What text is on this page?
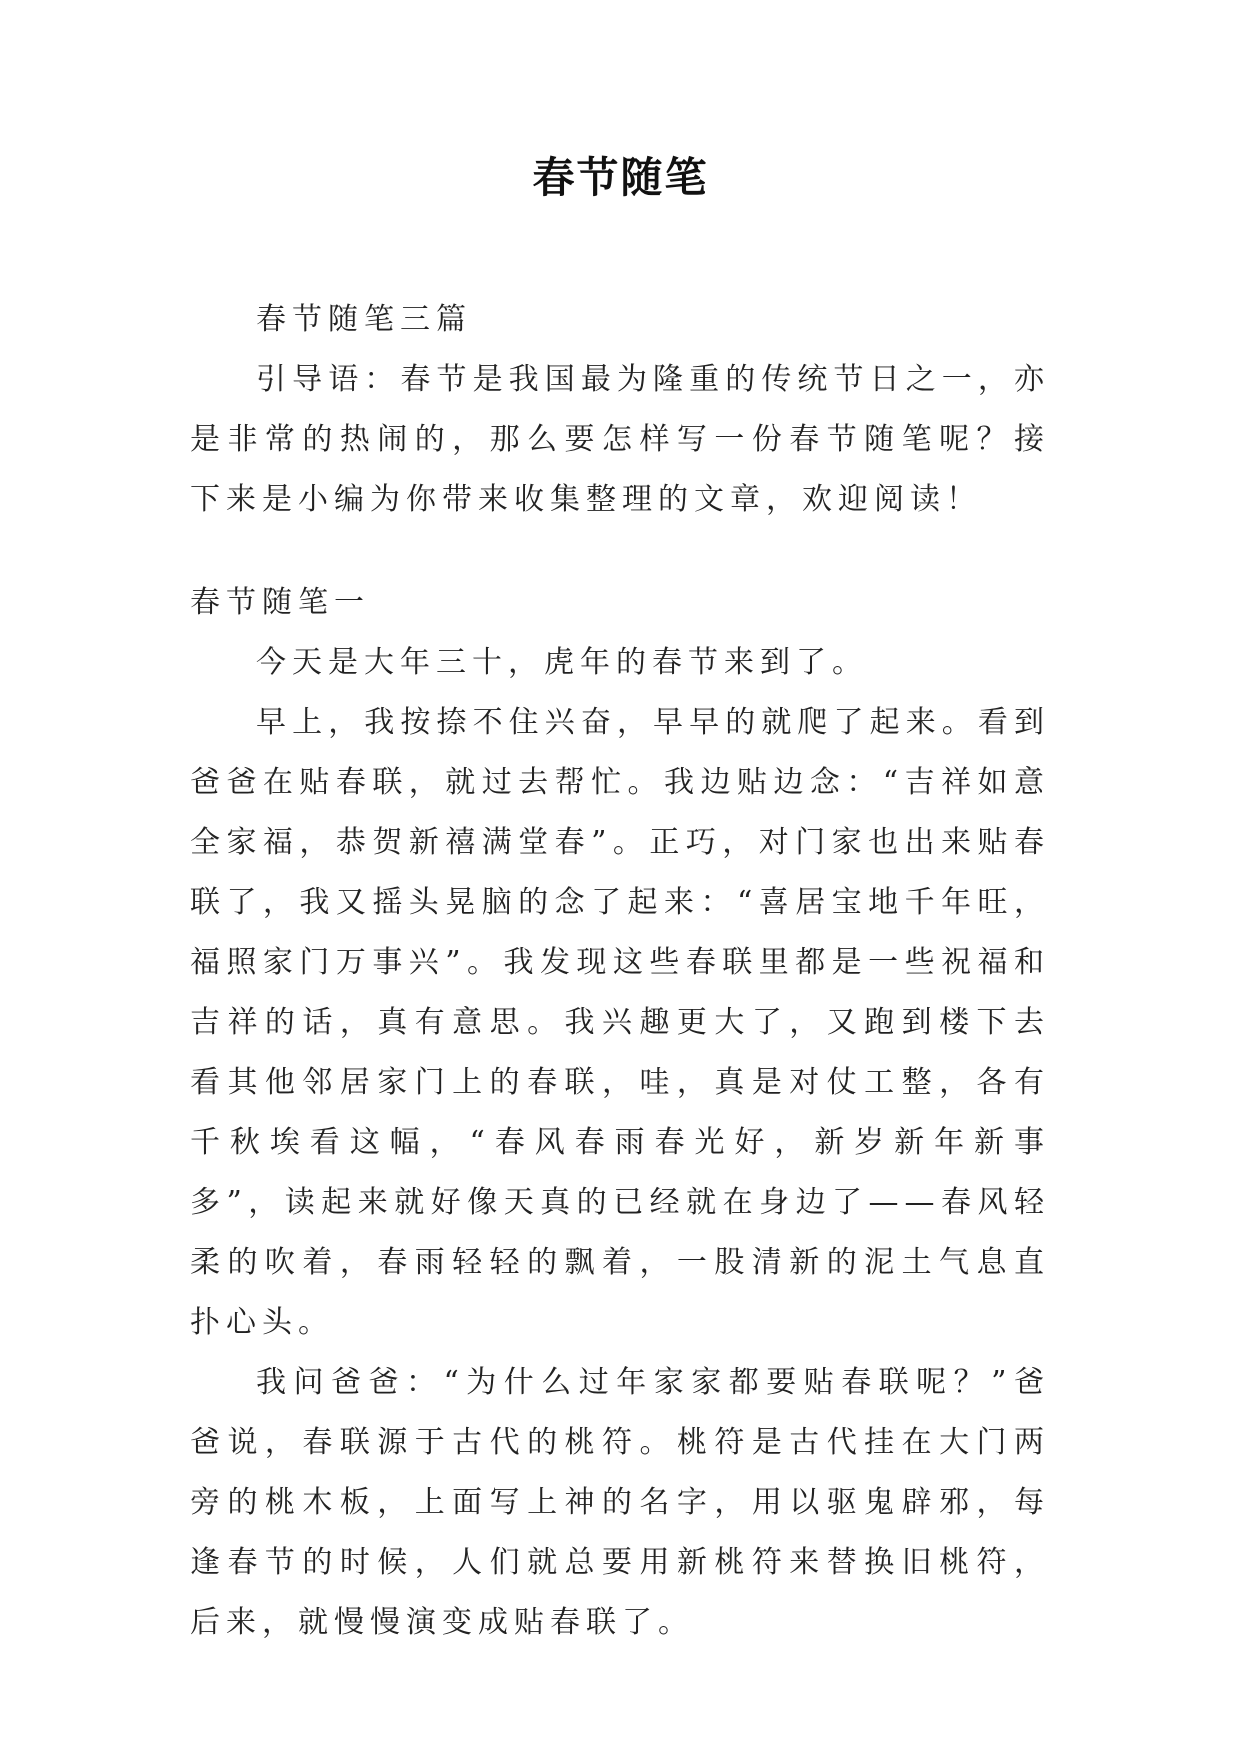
春节随笔

春节随笔三篇

引导语：春节是我国最为隆重的传统节日之一，亦是非常的热闹的，那么要怎样写一份春节随笔呢？接下来是小编为你带来收集整理的文章，欢迎阅读！

春节随笔一

今天是大年三十，虎年的春节来到了。

早上，我按捺不住兴奋，早早的就爬了起来。看到爸爸在贴春联，就过去帮忙。我边贴边念：“吉祥如意全家福，恭贺新禧满堂春”。正巧，对门家也出来贴春联了，我又摇头晃脑的念了起来：“喜居宝地千年旺，福照家门万事兴”。我发现这些春联里都是一些祝福和吉祥的话，真有意思。我兴趣更大了，又跑到楼下去看其他邻居家门上的春联，哇，真是对仗工整，各有千秋埃看这幅，“春风春雨春光好，新岁新年新事多”，读起来就好像天真的已经就在身边了——春风轻柔的吹着，春雨轻轻的飘着，一股清新的泥土气息直扑心头。

我问爸爸：“为什么过年家家都要贴春联呢？”爸爸说，春联源于古代的桃符。桃符是古代挂在大门两旁的桃木板，上面写上神的名字，用以驱鬼辟邪，每逢春节的时候，人们就总要用新桃符来替换旧桃符，后来，就慢慢演变成贴春联了。
